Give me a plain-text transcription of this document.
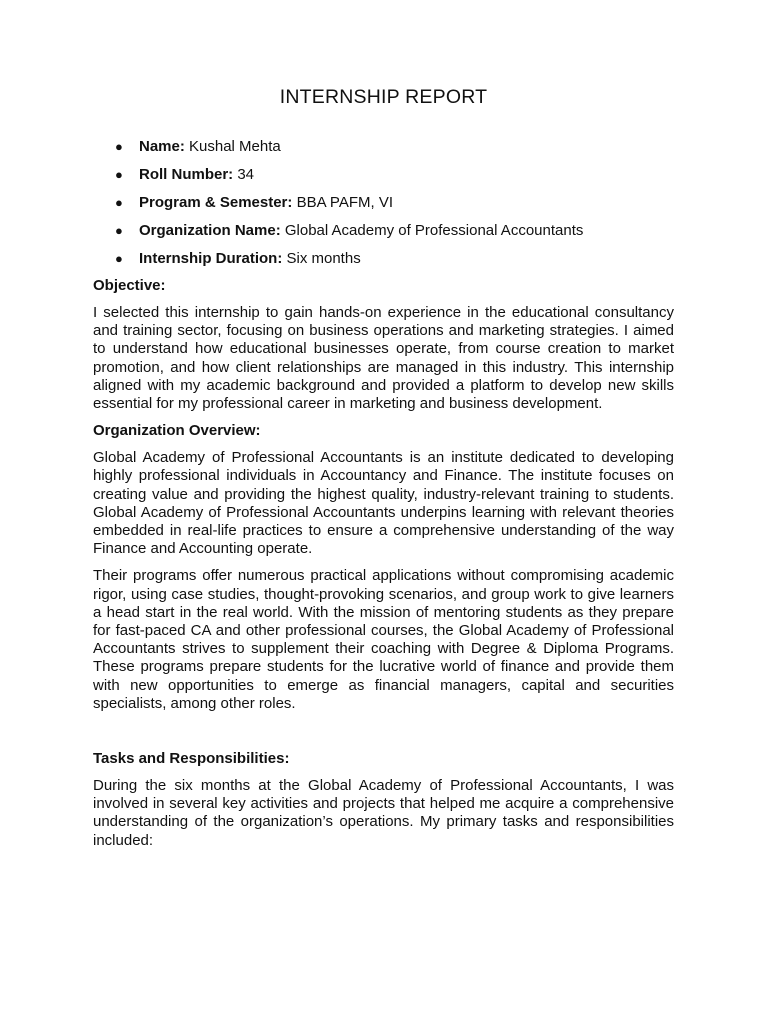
INTERNSHIP REPORT
● Name: Kushal Mehta
● Roll Number: 34
● Program & Semester: BBA PAFM, VI
● Organization Name: Global Academy of Professional Accountants
● Internship Duration: Six months
Objective:

I selected this internship to gain hands-on experience in the educational consultancy and training sector, focusing on business operations and marketing strategies. I aimed to understand how educational businesses operate, from course creation to market promotion, and how client relationships are managed in this industry. This internship aligned with my academic background and provided a platform to develop new skills essential for my professional career in marketing and business development.

Organization Overview:

Global Academy of Professional Accountants is an institute dedicated to developing highly professional individuals in Accountancy and Finance. The institute focuses on creating value and providing the highest quality, industry-relevant training to students. Global Academy of Professional Accountants underpins learning with relevant theories embedded in real-life practices to ensure a comprehensive understanding of the way Finance and Accounting operate.

Their programs offer numerous practical applications without compromising academic rigor, using case studies, thought-provoking scenarios, and group work to give learners a head start in the real world. With the mission of mentoring students as they prepare for fast-paced CA and other professional courses, the Global Academy of Professional Accountants strives to supplement their coaching with Degree & Diploma Programs. These programs prepare students for the lucrative world of finance and provide them with new opportunities to emerge as financial managers, capital and securities specialists, among other roles.

Tasks and Responsibilities:

During the six months at the Global Academy of Professional Accountants, I was involved in several key activities and projects that helped me acquire a comprehensive understanding of the organization’s operations. My primary tasks and responsibilities included:
